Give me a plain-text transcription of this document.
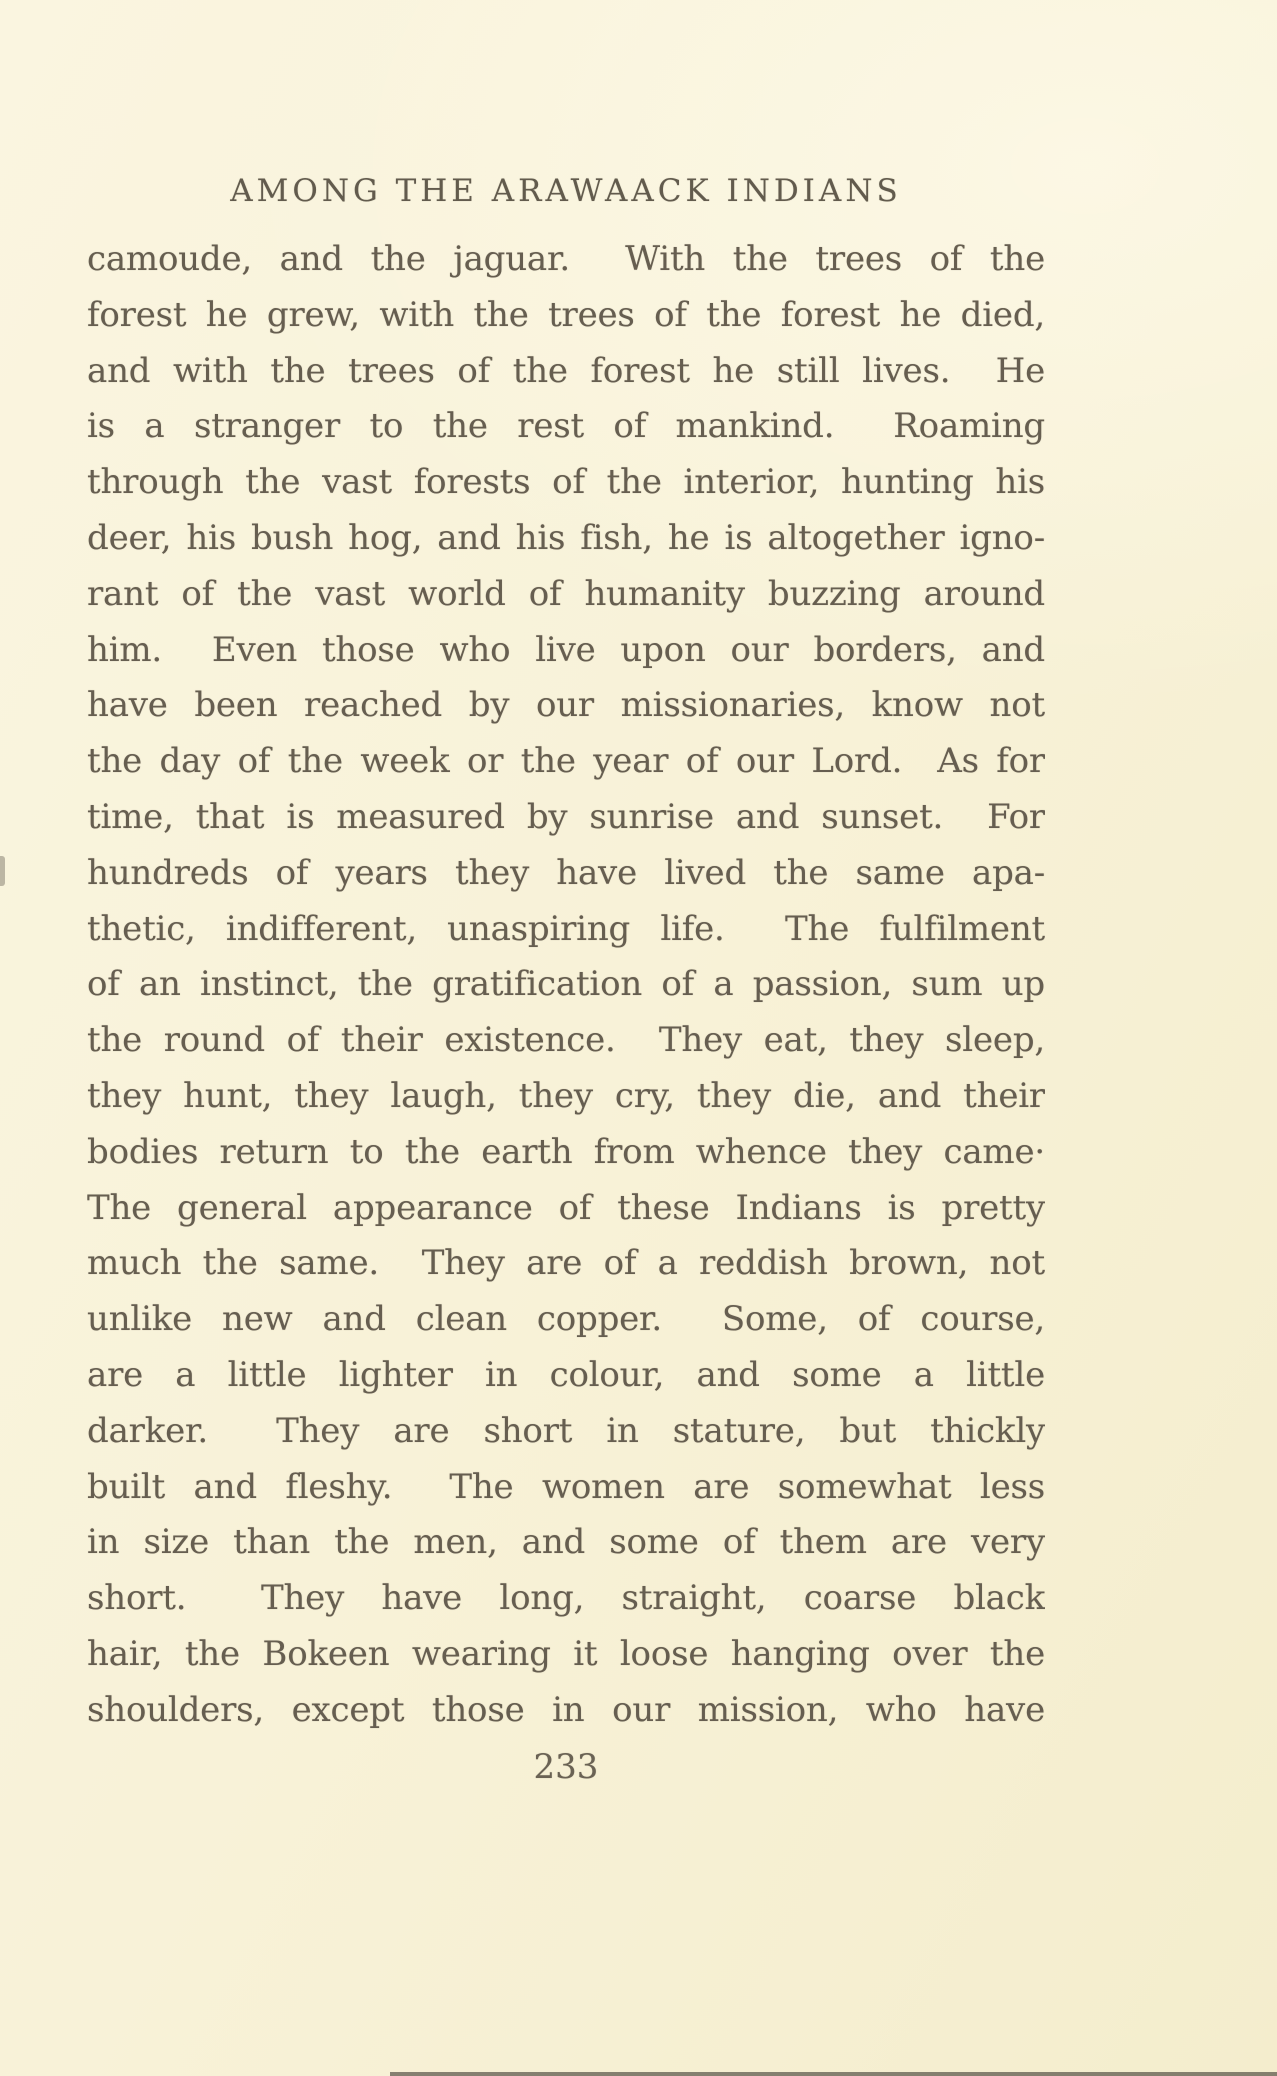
AMONG THE ARAWAACK INDIANS
camoude, and the jaguar.  With the trees of the
forest he grew, with the trees of the forest he died,
and with the trees of the forest he still lives.  He
is a stranger to the rest of mankind.  Roaming
through the vast forests of the interior, hunting his
deer, his bush hog, and his fish, he is altogether igno-
rant of the vast world of humanity buzzing around
him.  Even those who live upon our borders, and
have been reached by our missionaries, know not
the day of the week or the year of our Lord.  As for
time, that is measured by sunrise and sunset.  For
hundreds of years they have lived the same apa-
thetic, indifferent, unaspiring life.  The fulfilment
of an instinct, the gratification of a passion, sum up
the round of their existence.  They eat, they sleep,
they hunt, they laugh, they cry, they die, and their
bodies return to the earth from whence they came·
The general appearance of these Indians is pretty
much the same.  They are of a reddish brown, not
unlike new and clean copper.  Some, of course,
are a little lighter in colour, and some a little
darker.  They are short in stature, but thickly
built and fleshy.  The women are somewhat less
in size than the men, and some of them are very
short.  They have long, straight, coarse black
hair, the Bokeen wearing it loose hanging over the
shoulders, except those in our mission, who have
233
